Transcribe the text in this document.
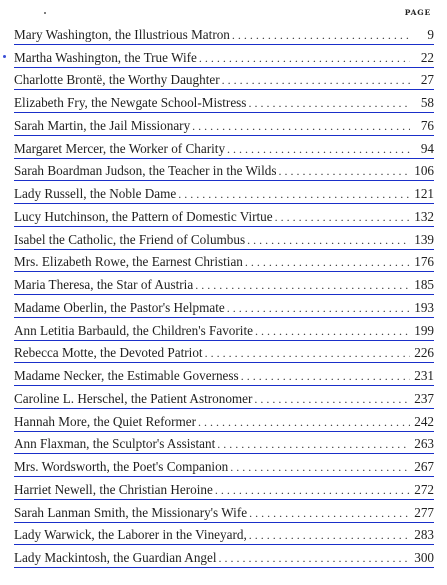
PAGE
Mary Washington, the Illustrious Matron . . .	9
Martha Washington, the True Wife . . .	22
Charlotte Brontë, the Worthy Daughter . . .	27
Elizabeth Fry, the Newgate School-Mistress . . .	58
Sarah Martin, the Jail Missionary . . .	76
Margaret Mercer, the Worker of Charity . . .	94
Sarah Boardman Judson, the Teacher in the Wilds . . .	106
Lady Russell, the Noble Dame . . .	121
Lucy Hutchinson, the Pattern of Domestic Virtue . . .	132
Isabel the Catholic, the Friend of Columbus . . .	139
Mrs. Elizabeth Rowe, the Earnest Christian . . .	176
Maria Theresa, the Star of Austria . . .	185
Madame Oberlin, the Pastor's Helpmate . . .	193
Ann Letitia Barbauld, the Children's Favorite . . .	199
Rebecca Motte, the Devoted Patriot . . .	226
Madame Necker, the Estimable Governess . . .	231
Caroline L. Herschel, the Patient Astronomer . . .	237
Hannah More, the Quiet Reformer . . .	242
Ann Flaxman, the Sculptor's Assistant . . .	263
Mrs. Wordsworth, the Poet's Companion . . .	267
Harriet Newell, the Christian Heroine . . .	272
Sarah Lanman Smith, the Missionary's Wife . . .	277
Lady Warwick, the Laborer in the Vineyard, . . .	283
Lady Mackintosh, the Guardian Angel . . .	300
